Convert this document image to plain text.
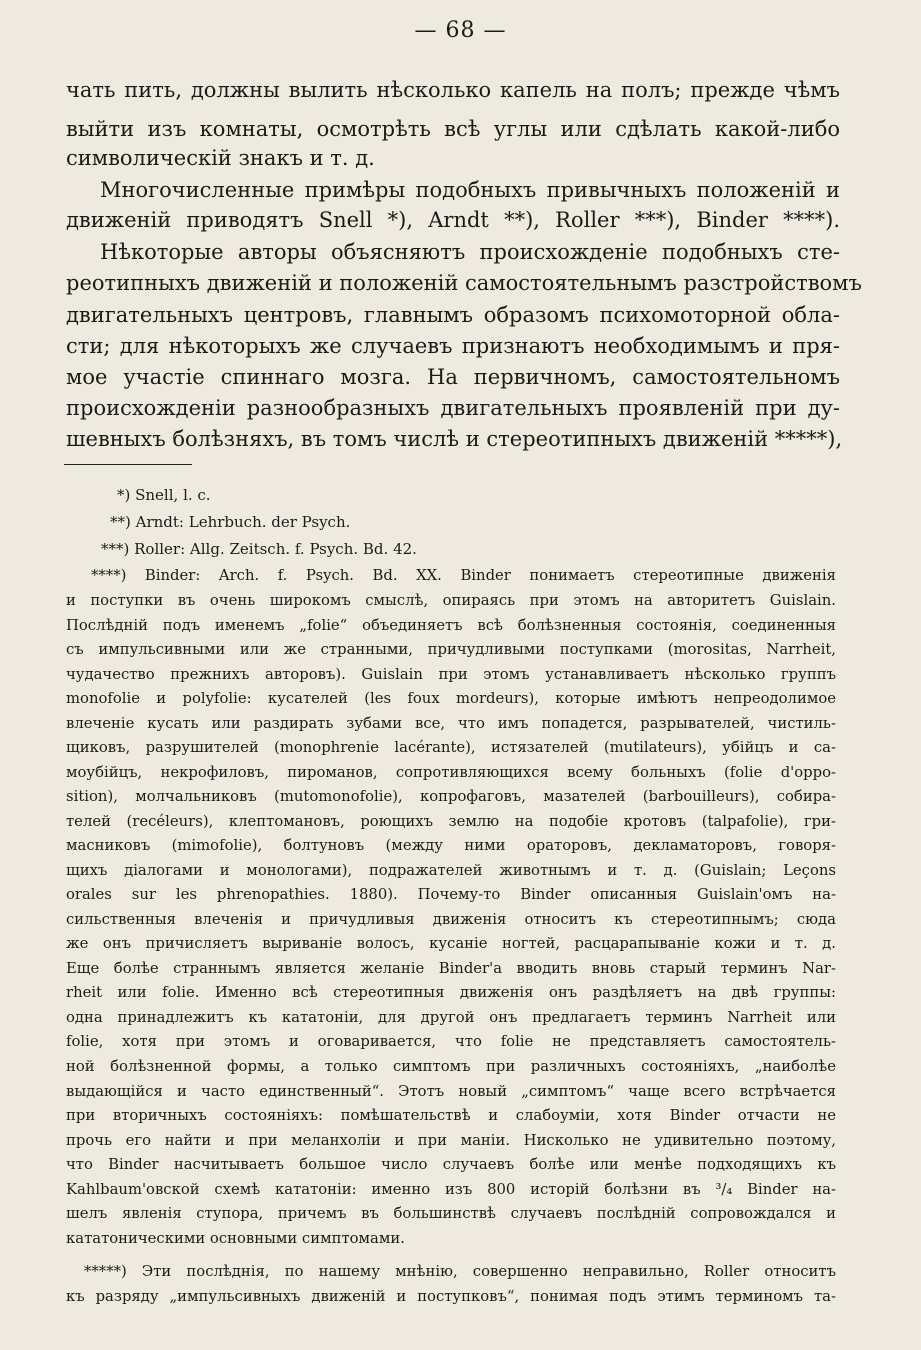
— 68 —
чать пить, должны вылить нѣсколько капель на полъ; прежде чѣмъ
выйти изъ комнаты, осмотрѣть всѣ углы или сдѣлать какой-либо
символическій знакъ и т. д.
Многочисленные примѣры подобныхъ привычныхъ положеній и
движеній приводятъ Snell *), Arndt **), Roller ***), Binder ****).
Нѣкоторые авторы объясняютъ происхожденіе подобныхъ сте-
реотипныхъ движеній и положеній самостоятельнымъ разстройствомъ
двигательныхъ центровъ, главнымъ образомъ психомоторной обла-
сти; для нѣкоторыхъ же случаевъ признаютъ необходимымъ и пря-
мое участіе спиннаго мозга. На первичномъ, самостоятельномъ
происхожденіи разнообразныхъ двигательныхъ проявленій при ду-
шевныхъ болѣзняхъ, въ томъ числѣ и стереотипныхъ движеній *****),
*) Snell, l. c.
**) Arndt: Lehrbuch. der Psych.
***) Roller: Allg. Zeitsch. f. Psych. Bd. 42.
****) Binder: Arch. f. Psych. Bd. XX. Binder понимаетъ стереотипные движенія
и поступки въ очень широкомъ смыслѣ, опираясь при этомъ на авторитетъ Guislain.
Послѣдній подъ именемъ „folie“ объединяетъ всѣ болѣзненныя состоянія, соединенныя
съ импульсивными или же странными, причудливыми поступками (morositas, Narrheit,
чудачество прежнихъ авторовъ). Guislain при этомъ устанавливаетъ нѣсколько группъ
monofolie и polyfolie: кусателей (les foux mordeurs), которые имѣютъ непреодолимое
влеченіе кусать или раздирать зубами все, что имъ попадется, разрывателей, чистиль-
щиковъ, разрушителей (monophrenie lacérante), истязателей (mutilateurs), убійцъ и са-
моубійцъ, некрофиловъ, пироманов, сопротивляющихся всему больныхъ (folie d'oppo-
sition), молчальниковъ (mutomonofolie), копрофаговъ, мазателей (barbouilleurs), собира-
телей (recéleurs), клептомановъ, роющихъ землю на подобіе кротовъ (talpafolie), гри-
масниковъ (mimofolie), болтуновъ (между ними ораторовъ, декламаторовъ, говоря-
щихъ діалогами и монологами), подражателей животнымъ и т. д. (Guislain; Leçons
orales sur les phrenopathies. 1880). Почему-то Binder описанныя Guislain'омъ на-
сильственныя влеченія и причудливыя движенія относитъ къ стереотипнымъ; сюда
же онъ причисляетъ выриваніе волосъ, кусаніе ногтей, расцарапываніе кожи и т. д.
Еще болѣе страннымъ является желаніе Binder'а вводить вновь старый терминъ Nar-
rheit или folie. Именно всѣ стереотипныя движенія онъ раздѣляетъ на двѣ группы:
одна принадлежитъ къ кататоніи, для другой онъ предлагаетъ терминъ Narrheit или
folie, хотя при этомъ и оговаривается, что folie не представляетъ самостоятель-
ной болѣзненной формы, а только симптомъ при различныхъ состояніяхъ, „наиболѣе
выдающійся и часто единственный“. Этотъ новый „симптомъ“ чаще всего встрѣчается
при вторичныхъ состояніяхъ: помѣшательствѣ и слабоуміи, хотя Binder отчасти не
прочь его найти и при меланхоліи и при маніи. Нисколько не удивительно поэтому,
что Binder насчитываетъ большое число случаевъ болѣе или менѣе подходящихъ къ
Kahlbaum'овской схемѣ кататоніи: именно изъ 800 исторій болѣзни въ ³/₄ Binder на-
шелъ явленія ступора, причемъ въ большинствѣ случаевъ послѣдній сопровождался и
кататоническими основными симптомами.
*****) Эти послѣднія, по нашему мнѣнію, совершенно неправильно, Roller относитъ
къ разряду „импульсивныхъ движеній и поступковъ“, понимая подъ этимъ терминомъ та-
